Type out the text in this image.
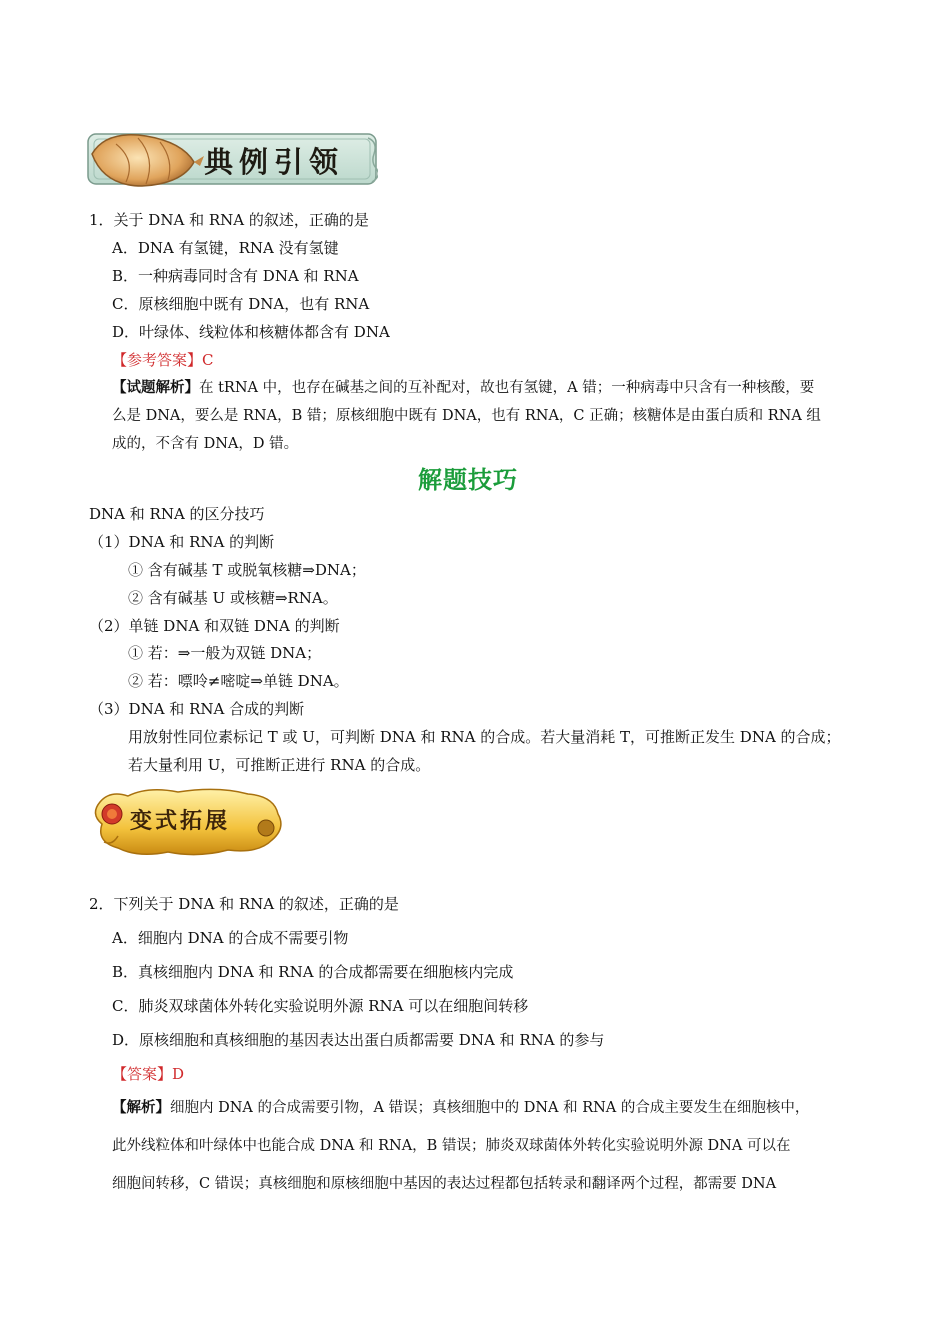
典例引领
1．关于 DNA 和 RNA 的叙述，正确的是
A．DNA 有氢键，RNA 没有氢键
B．一种病毒同时含有 DNA 和 RNA
C．原核细胞中既有 DNA，也有 RNA
D．叶绿体、线粒体和核糖体都含有 DNA
【参考答案】C
【试题解析】在 tRNA 中，也存在碱基之间的互补配对，故也有氢键，A 错；一种病毒中只含有一种核酸，要
么是 DNA，要么是 RNA，B 错；原核细胞中既有 DNA，也有 RNA，C 正确；核糖体是由蛋白质和 RNA 组
成的，不含有 DNA，D 错。
解题技巧
DNA 和 RNA 的区分技巧
（1）DNA 和 RNA 的判断
① 含有碱基 T 或脱氧核糖⇒DNA；
② 含有碱基 U 或核糖⇒RNA。
（2）单链 DNA 和双链 DNA 的判断
① 若：⇒一般为双链 DNA；
② 若：嘌呤≠嘧啶⇒单链 DNA。
（3）DNA 和 RNA 合成的判断
用放射性同位素标记 T 或 U，可判断 DNA 和 RNA 的合成。若大量消耗 T，可推断正发生 DNA 的合成；
若大量利用 U，可推断正进行 RNA 的合成。
变式拓展
2．下列关于 DNA 和 RNA 的叙述，正确的是
A．细胞内 DNA 的合成不需要引物
B．真核细胞内 DNA 和 RNA 的合成都需要在细胞核内完成
C．肺炎双球菌体外转化实验说明外源 RNA 可以在细胞间转移
D．原核细胞和真核细胞的基因表达出蛋白质都需要 DNA 和 RNA 的参与
【答案】D
【解析】细胞内 DNA 的合成需要引物，A 错误；真核细胞中的 DNA 和 RNA 的合成主要发生在细胞核中，
此外线粒体和叶绿体中也能合成 DNA 和 RNA，B 错误；肺炎双球菌体外转化实验说明外源 DNA 可以在
细胞间转移，C 错误；真核细胞和原核细胞中基因的表达过程都包括转录和翻译两个过程，都需要 DNA
